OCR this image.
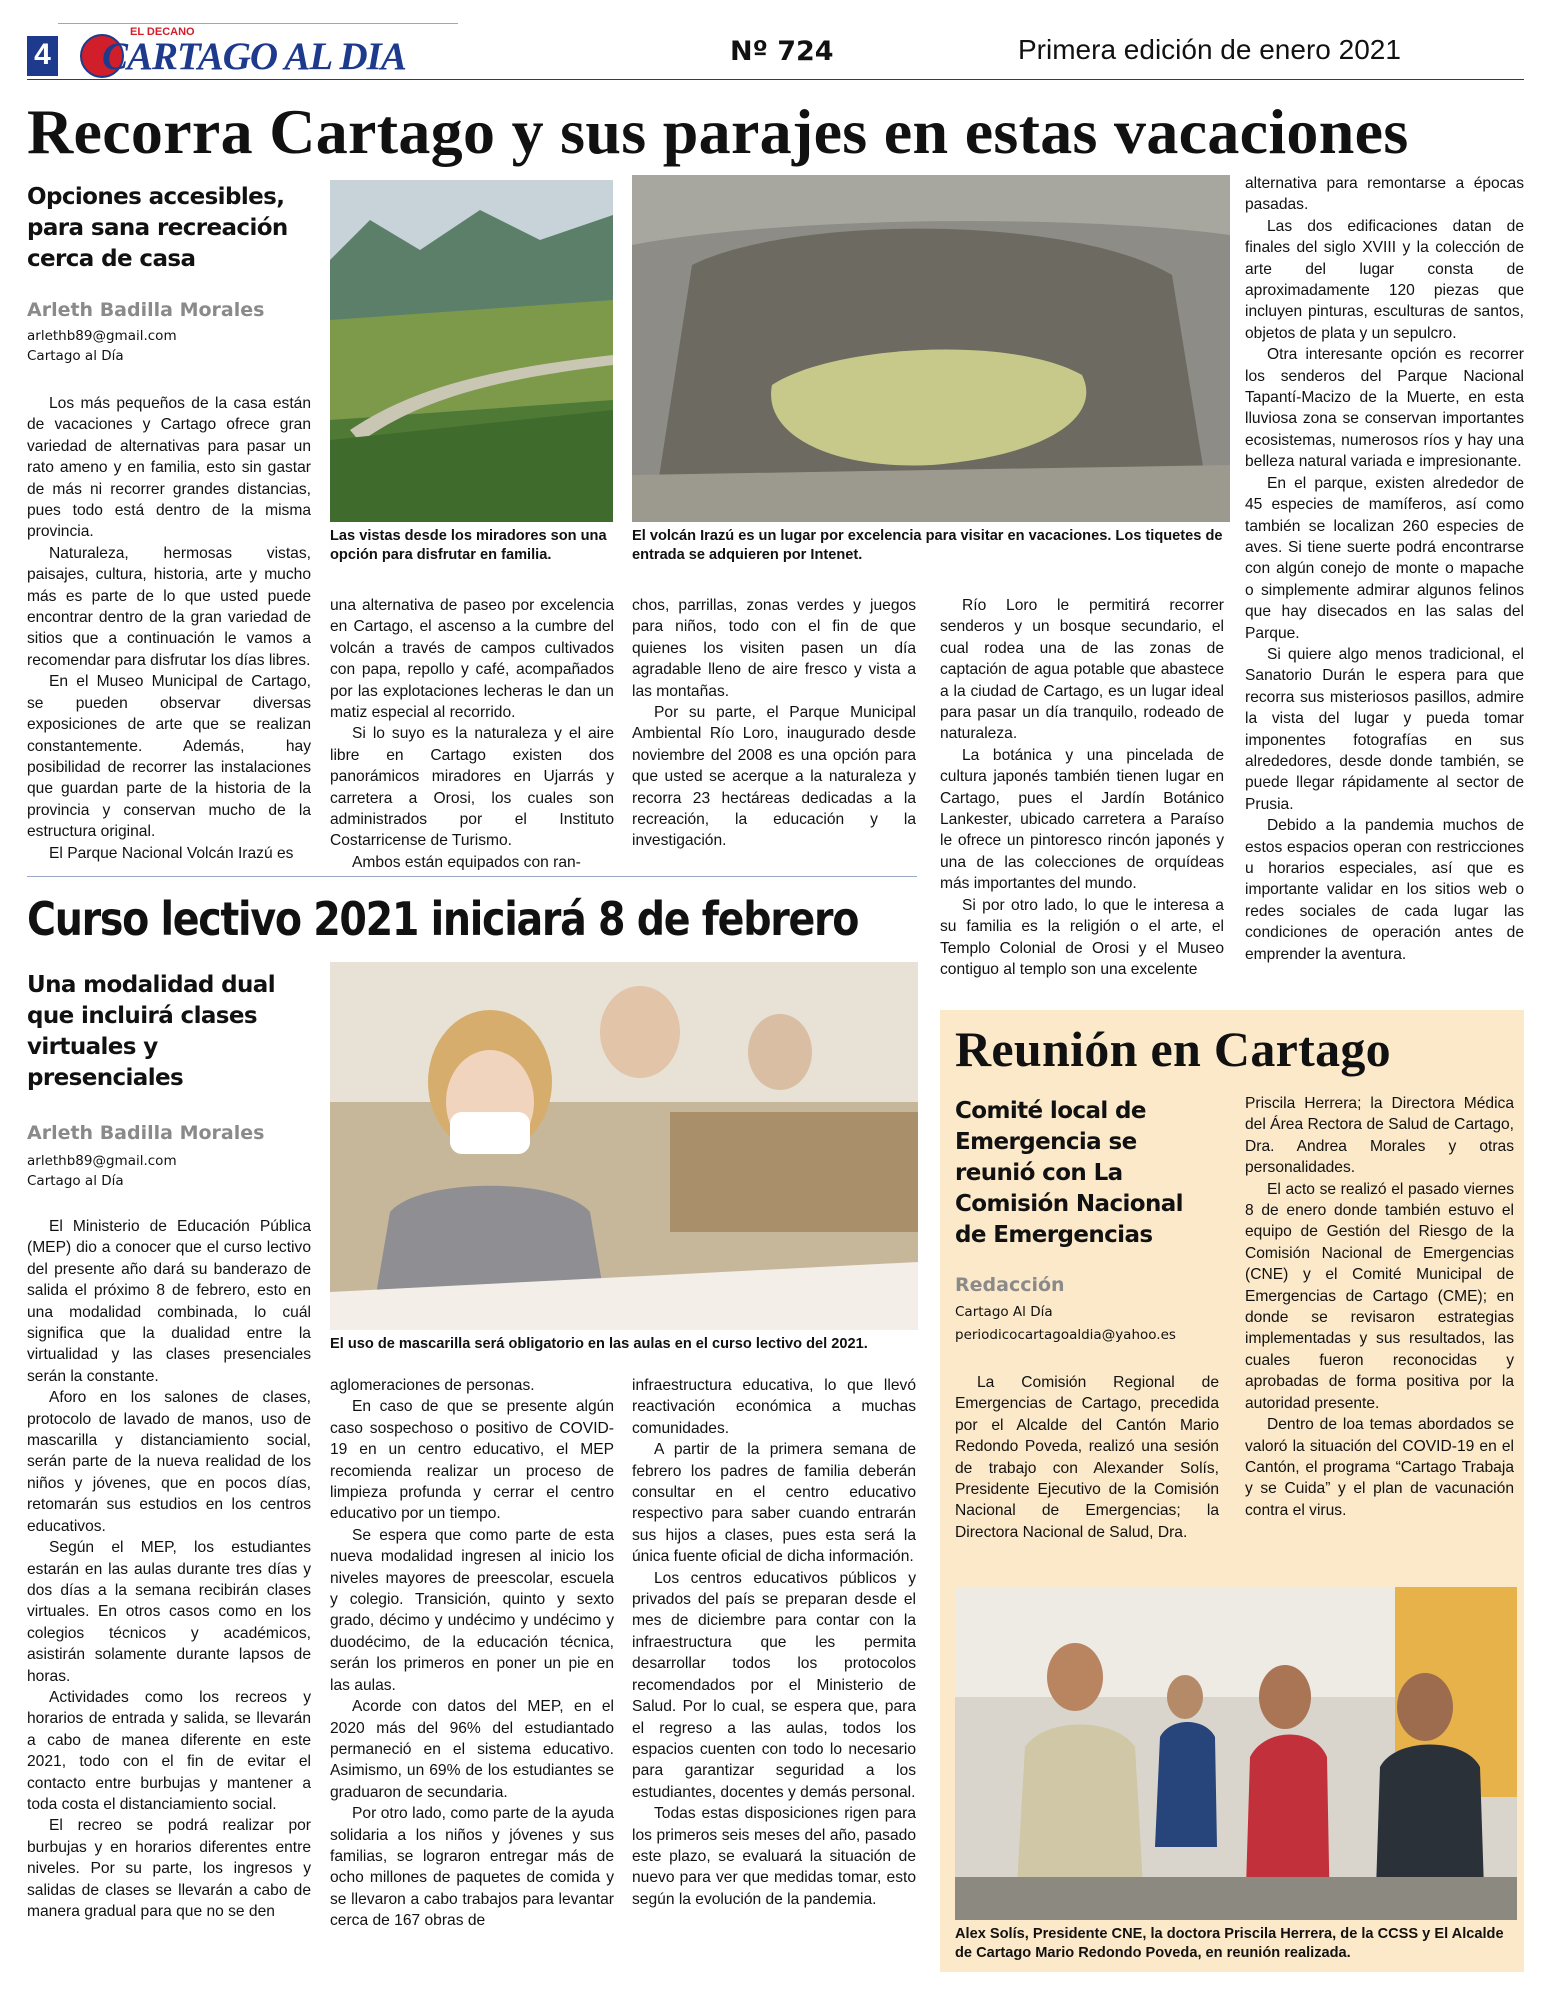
4
EL DECANO
CARTAGO AL DIA	Nº 724	Primera edición de enero 2021
Recorra Cartago y sus parajes en estas vacaciones
Opciones accesibles, para sana recreación cerca de casa
Arleth Badilla Morales
arlethb89@gmail.com
Cartago al Día
Las vistas desde los miradores son una opción para disfrutar en familia.
El volcán Irazú es un lugar por excelencia para visitar en vacaciones. Los tiquetes de entrada se adquieren por Intenet.

Los más pequeños de la casa están de vacaciones y Cartago ofrece gran variedad de alternativas para pasar un rato ameno y en familia, esto sin gastar de más ni recorrer grandes distancias, pues todo está dentro de la misma provincia.

Naturaleza, hermosas vistas, paisajes, cultura, historia, arte y mucho más es parte de lo que usted puede encontrar dentro de la gran variedad de sitios que a continuación le vamos a recomendar para disfrutar los días libres.

En el Museo Municipal de Cartago, se pueden observar diversas exposiciones de arte que se realizan constantemente. Además, hay posibilidad de recorrer las instalaciones que guardan parte de la historia de la provincia y conservan mucho de la estructura original.

El Parque Nacional Volcán Irazú es

una alternativa de paseo por excelencia en Cartago, el ascenso a la cumbre del volcán a través de campos cultivados con papa, repollo y café, acompañados por las explotaciones lecheras le dan un matiz especial al recorrido.

Si lo suyo es la naturaleza y el aire libre en Cartago existen dos panorámicos miradores en Ujarrás y carretera a Orosi, los cuales son administrados por el Instituto Costarricense de Turismo.

Ambos están equipados con ran-

chos, parrillas, zonas verdes y juegos para niños, todo con el fin de que quienes los visiten pasen un día agradable lleno de aire fresco y vista a las montañas.

Por su parte, el Parque Municipal Ambiental Río Loro, inaugurado desde noviembre del 2008 es una opción para que usted se acerque a la naturaleza y recorra 23 hectáreas dedicadas a la recreación, la educación y la investigación.

Río Loro le permitirá recorrer senderos y un bosque secundario, el cual rodea una de las zonas de captación de agua potable que abastece a la ciudad de Cartago, es un lugar ideal para pasar un día tranquilo, rodeado de naturaleza.

La botánica y una pincelada de cultura japonés también tienen lugar en Cartago, pues el Jardín Botánico Lankester, ubicado carretera a Paraíso le ofrece un pintoresco rincón japonés y una de las colecciones de orquídeas más importantes del mundo.

Si por otro lado, lo que le interesa a su familia es la religión o el arte, el Templo Colonial de Orosi y el Museo contiguo al templo son una excelente

alternativa para remontarse a épocas pasadas.

Las dos edificaciones datan de finales del siglo XVIII y la colección de arte del lugar consta de aproximadamente 120 piezas que incluyen pinturas, esculturas de santos, objetos de plata y un sepulcro.

Otra interesante opción es recorrer los senderos del Parque Nacional Tapantí-Macizo de la Muerte, en esta lluviosa zona se conservan importantes ecosistemas, numerosos ríos y hay una belleza natural variada e impresionante.

En el parque, existen alrededor de 45 especies de mamíferos, así como también se localizan 260 especies de aves. Si tiene suerte podrá encontrarse con algún conejo de monte o mapache o simplemente admirar algunos felinos que hay disecados en las salas del Parque.

Si quiere algo menos tradicional, el Sanatorio Durán le espera para que recorra sus misteriosos pasillos, admire la vista del lugar y pueda tomar imponentes fotografías en sus alrededores, desde donde también, se puede llegar rápidamente al sector de Prusia.

Debido a la pandemia muchos de estos espacios operan con restricciones u horarios especiales, así que es importante validar en los sitios web o redes sociales de cada lugar las condiciones de operación antes de emprender la aventura.

Curso lectivo 2021 iniciará 8 de febrero
Una modalidad dual que incluirá clases virtuales y presenciales
Arleth Badilla Morales
arlethb89@gmail.com
Cartago al Día
El uso de mascarilla será obligatorio en las aulas en el curso lectivo del 2021.

El Ministerio de Educación Pública (MEP) dio a conocer que el curso lectivo del presente año dará su banderazo de salida el próximo 8 de febrero, esto en una modalidad combinada, lo cuál significa que la dualidad entre la virtualidad y las clases presenciales serán la constante.

Aforo en los salones de clases, protocolo de lavado de manos, uso de mascarilla y distanciamiento social, serán parte de la nueva realidad de los niños y jóvenes, que en pocos días, retomarán sus estudios en los centros educativos.

Según el MEP, los estudiantes estarán en las aulas durante tres días y dos días a la semana recibirán clases virtuales. En otros casos como en los colegios técnicos y académicos, asistirán solamente durante lapsos de horas.

Actividades como los recreos y horarios de entrada y salida, se llevarán a cabo de manea diferente en este 2021, todo con el fin de evitar el contacto entre burbujas y mantener a toda costa el distanciamiento social.

El recreo se podrá realizar por burbujas y en horarios diferentes entre niveles. Por su parte, los ingresos y salidas de clases se llevarán a cabo de manera gradual para que no se den

aglomeraciones de personas.

En caso de que se presente algún caso sospechoso o positivo de COVID-19 en un centro educativo, el MEP recomienda realizar un proceso de limpieza profunda y cerrar el centro educativo por un tiempo.

Se espera que como parte de esta nueva modalidad ingresen al inicio los niveles mayores de preescolar, escuela y colegio. Transición, quinto y sexto grado, décimo y undécimo y undécimo y duodécimo, de la educación técnica, serán los primeros en poner un pie en las aulas.

Acorde con datos del MEP, en el 2020 más del 96% del estudiantado permaneció en el sistema educativo. Asimismo, un 69% de los estudiantes se graduaron de secundaria.

Por otro lado, como parte de la ayuda solidaria a los niños y jóvenes y sus familias, se lograron entregar más de ocho millones de paquetes de comida y se llevaron a cabo trabajos para levantar cerca de 167 obras de

infraestructura educativa, lo que llevó reactivación económica a muchas comunidades.

A partir de la primera semana de febrero los padres de familia deberán consultar en el centro educativo respectivo para saber cuando entrarán sus hijos a clases, pues esta será la única fuente oficial de dicha información.

Los centros educativos públicos y privados del país se preparan desde el mes de diciembre para contar con la infraestructura que les permita desarrollar todos los protocolos recomendados por el Ministerio de Salud. Por lo cual, se espera que, para el regreso a las aulas, todos los espacios cuenten con todo lo necesario para garantizar seguridad a los estudiantes, docentes y demás personal.

Todas estas disposiciones rigen para los primeros seis meses del año, pasado este plazo, se evaluará la situación de nuevo para ver que medidas tomar, esto según la evolución de la pandemia.

Reunión en Cartago
Comité local de Emergencia se reunió con La Comisión Nacional de Emergencias
Redacción
Cartago Al Día
periodicocartagoaldia@yahoo.es

La Comisión Regional de Emergencias de Cartago, precedida por el Alcalde del Cantón Mario Redondo Poveda, realizó una sesión de trabajo con Alexander Solís, Presidente Ejecutivo de la Comisión Nacional de Emergencias; la Directora Nacional de Salud, Dra.

Priscila Herrera; la Directora Médica del Área Rectora de Salud de Cartago, Dra. Andrea Morales y otras personalidades.

El acto se realizó el pasado viernes 8 de enero donde también estuvo el equipo de Gestión del Riesgo de la Comisión Nacional de Emergencias (CNE) y el Comité Municipal de Emergencias de Cartago (CME); en donde se revisaron estrategias implementadas y sus resultados, las cuales fueron reconocidas y aprobadas de forma positiva por la autoridad presente.

Dentro de loa temas abordados se valoró la situación del COVID-19 en el Cantón, el programa “Cartago Trabaja y se Cuida” y el plan de vacunación contra el virus.

Alex Solís, Presidente CNE, la doctora Priscila Herrera, de la CCSS y El Alcalde de Cartago Mario Redondo Poveda, en reunión realizada.
